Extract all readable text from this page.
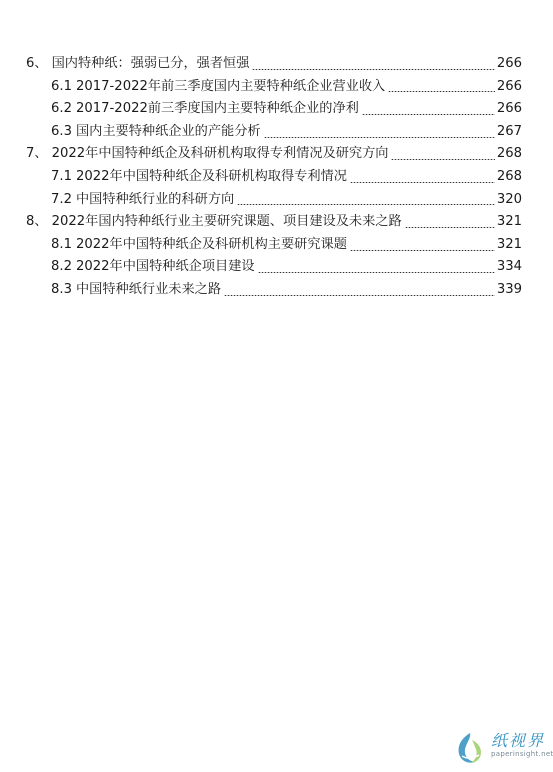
6、 国内特种纸：强弱已分，强者恒强	266
6.1 2017-2022年前三季度国内主要特种纸企业营业收入	266
6.2 2017-2022前三季度国内主要特种纸企业的净利	266
6.3 国内主要特种纸企业的产能分析	267
7、 2022年中国特种纸企及科研机构取得专利情况及研究方向	268
7.1 2022年中国特种纸企及科研机构取得专利情况	268
7.2 中国特种纸行业的科研方向	320
8、 2022年国内特种纸行业主要研究课题、项目建设及未来之路	321
8.1 2022年中国特种纸企及科研机构主要研究课题	321
8.2 2022年中国特种纸企项目建设	334
8.3 中国特种纸行业未来之路	339
纸视界
paperinsight.net
